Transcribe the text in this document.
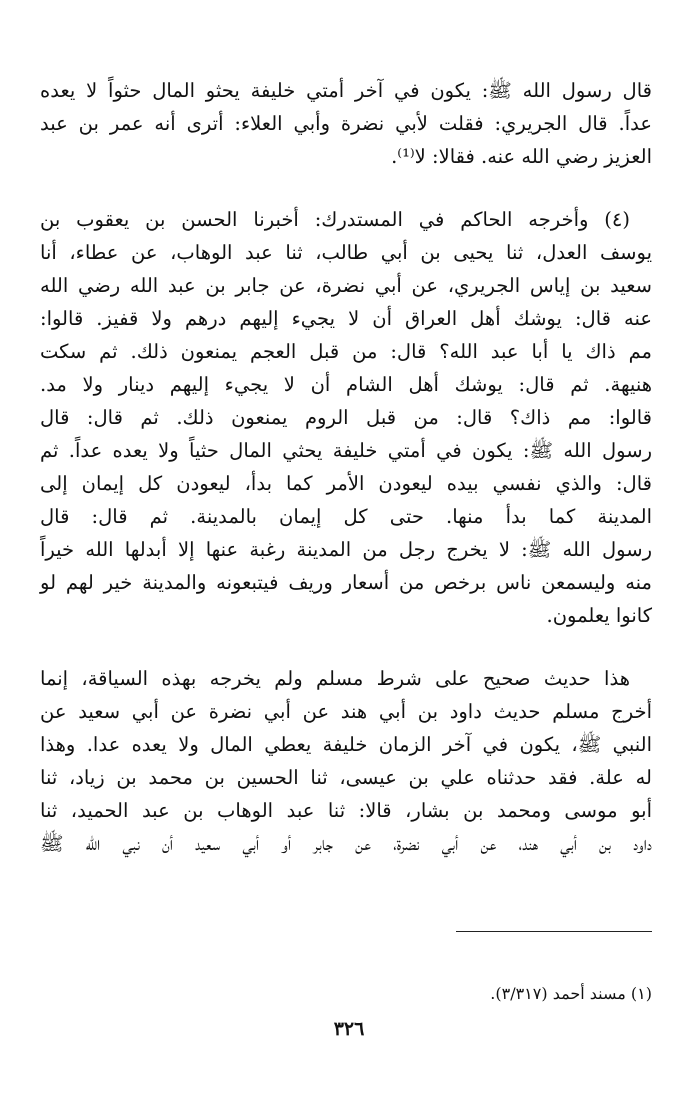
قال رسول الله ﷺ: يكون في آخر أمتي خليفة يحثو المال حثواً لا يعده
عداً. قال الجريري: فقلت لأبي نضرة وأبي العلاء: أترى أنه عمر بن عبد
العزيز رضي الله عنه. فقالا: لا⁽¹⁾.

(٤) وأخرجه الحاكم في المستدرك: أخبرنا الحسن بن يعقوب بن
يوسف العدل، ثنا يحيى بن أبي طالب، ثنا عبد الوهاب، عن عطاء، أنا
سعيد بن إياس الجريري، عن أبي نضرة، عن جابر بن عبد الله رضي الله
عنه قال: يوشك أهل العراق أن لا يجيء إليهم درهم ولا قفيز. قالوا:
مم ذاك يا أبا عبد الله؟ قال: من قبل العجم يمنعون ذلك. ثم سكت
هنيهة. ثم قال: يوشك أهل الشام أن لا يجيء إليهم دينار ولا مد.
قالوا: مم ذاك؟ قال: من قبل الروم يمنعون ذلك. ثم قال: قال
رسول الله ﷺ: يكون في أمتي خليفة يحثي المال حثياً ولا يعده عداً. ثم
قال: والذي نفسي بيده ليعودن الأمر كما بدأ، ليعودن كل إيمان إلى
المدينة كما بدأ منها. حتى كل إيمان بالمدينة. ثم قال: قال
رسول الله ﷺ: لا يخرج رجل من المدينة رغبة عنها إلا أبدلها الله خيراً
منه وليسمعن ناس برخص من أسعار وريف فيتبعونه والمدينة خير لهم لو
كانوا يعلمون.

هذا حديث صحيح على شرط مسلم ولم يخرجه بهذه السياقة، إنما
أخرج مسلم حديث داود بن أبي هند عن أبي نضرة عن أبي سعيد عن
النبي ﷺ، يكون في آخر الزمان خليفة يعطي المال ولا يعده عدا. وهذا
له علة. فقد حدثناه علي بن عيسى، ثنا الحسين بن محمد بن زياد، ثنا
أبو موسى ومحمد بن بشار، قالا: ثنا عبد الوهاب بن عبد الحميد، ثنا
داود بن أبي هند، عن أبي نضرة، عن جابر أو أبي سعيد أن نبي الله ﷺ

(١) مسند أحمد (٣/٣١٧).
٣٢٦
